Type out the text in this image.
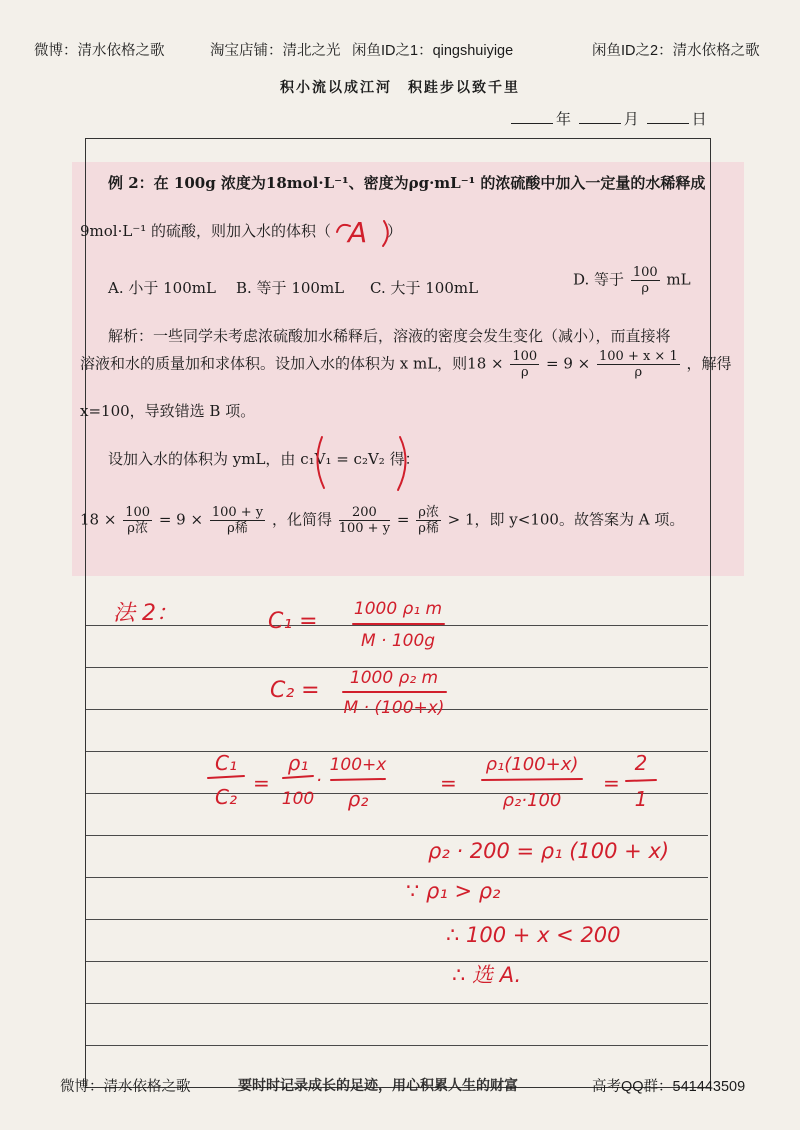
微博：清水依格之歌	淘宝店铺：清北之光 闲鱼ID之1：qingshuiyige	闲鱼ID之2：清水依格之歌
积小流以成江河　积跬步以致千里
年	月	日
例 2：在 100g 浓度为18mol·L⁻¹、密度为ρg·mL⁻¹ 的浓硫酸中加入一定量的水稀释成
9mol·L⁻¹ 的硫酸，则加入水的体积（	）
A. 小于 100mL B. 等于 100mL C. 大于 100mL	D. 等于 $\frac{100}{\rho}$ mL
解析：一些同学未考虑浓硫酸加水稀释后，溶液的密度会发生变化（减小），而直接将
溶液和水的质量加和求体积。设加入水的体积为 x mL，则$18 \times \frac{100}{\rho} = 9 \times \frac{100 + x \times 1}{\rho}$ ，解得
x=100，导致错选 B 项。
设加入水的体积为 ymL，由 c₁V₁ = c₂V₂ 得：
$18 \times \frac{100}{\text{ρ浓}} = 9 \times \frac{100 + y}{\text{ρ稀}}$ ，化简得 $\frac{200}{100 + y} = \frac{\text{ρ浓}}{\text{ρ稀}} > 1$，即 y<100。故答案为 A 项。
A
法 2：	C₁ = 1000 ρ₁ m
M · 100g
C₂ = 1000 ρ₂ m
M · (100+x)
C₁
C₂
=
ρ₁
100
·
100+x
ρ₂
=
ρ₁(100+x)
ρ₂·100
=
2
1
ρ₂ · 200 = ρ₁ (100 + x)
∵ ρ₁ > ρ₂
∴ 100 + x < 200
∴ 选 A.
微博：清水依格之歌	要时时记录成长的足迹，用心积累人生的财富	高考QQ群：541443509
